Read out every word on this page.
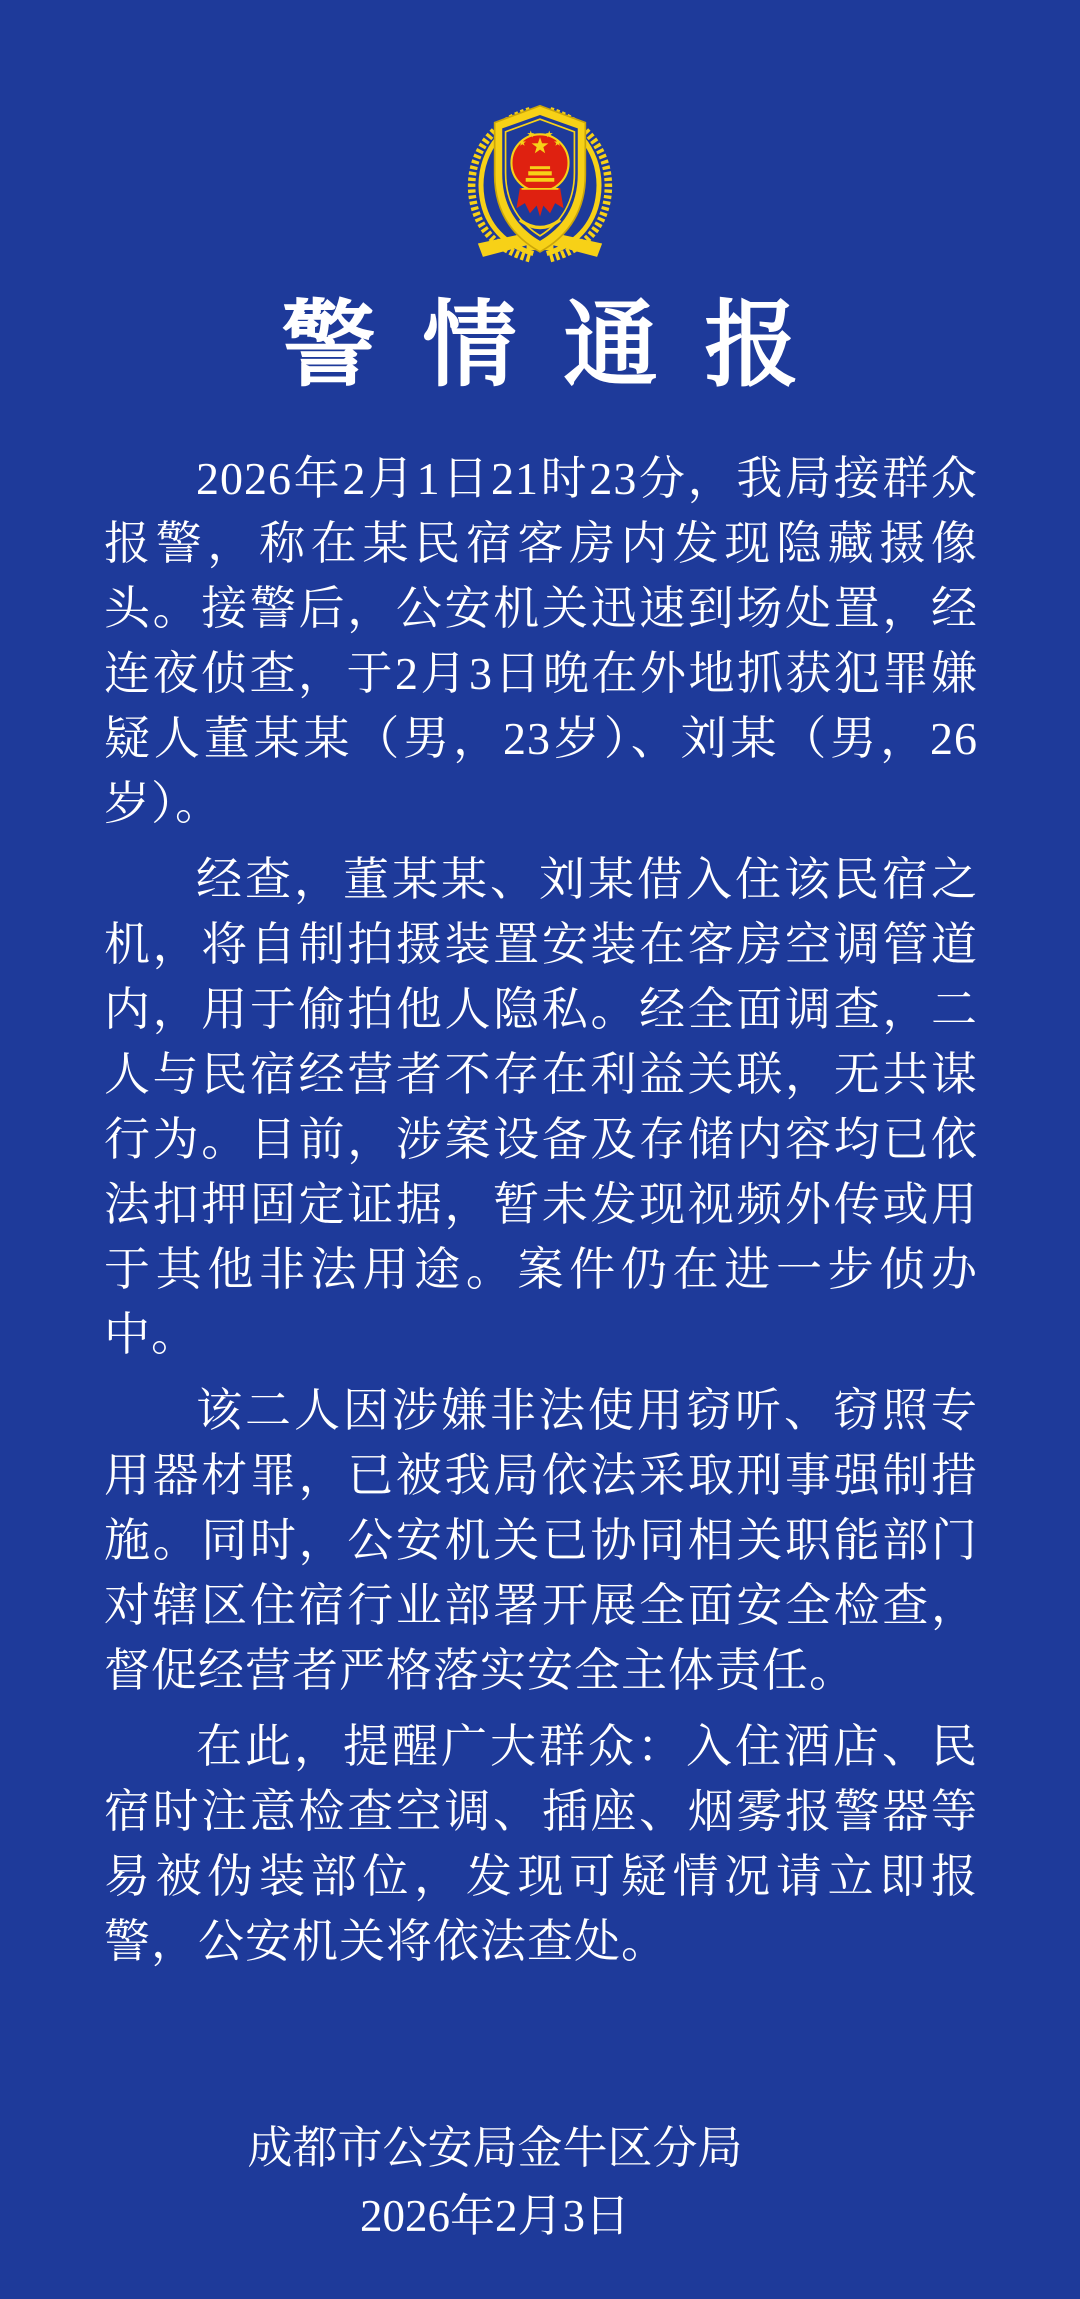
警情通报

2026年2月1日21时23分，我局接群众报警，称在某民宿客房内发现隐藏摄像头。接警后，公安机关迅速到场处置，经连夜侦查，于2月3日晚在外地抓获犯罪嫌疑人董某某（男，23岁）、刘某（男，26岁）。

经查，董某某、刘某借入住该民宿之机，将自制拍摄装置安装在客房空调管道内，用于偷拍他人隐私。经全面调查，二人与民宿经营者不存在利益关联，无共谋行为。目前，涉案设备及存储内容均已依法扣押固定证据，暂未发现视频外传或用于其他非法用途。案件仍在进一步侦办中。

该二人因涉嫌非法使用窃听、窃照专用器材罪，已被我局依法采取刑事强制措施。同时，公安机关已协同相关职能部门对辖区住宿行业部署开展全面安全检查，督促经营者严格落实安全主体责任。

在此，提醒广大群众：入住酒店、民宿时注意检查空调、插座、烟雾报警器等易被伪装部位，发现可疑情况请立即报警，公安机关将依法查处。

成都市公安局金牛区分局
2026年2月3日
